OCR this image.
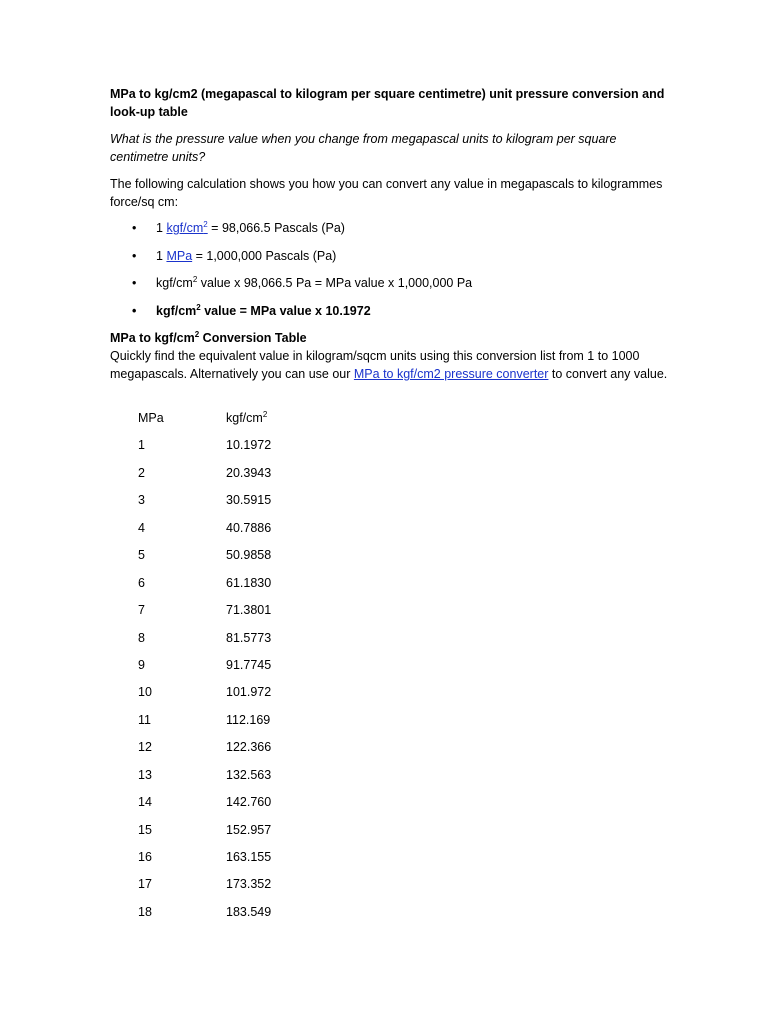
MPa to kg/cm2 (megapascal to kilogram per square centimetre) unit pressure conversion and look-up table
What is the pressure value when you change from megapascal units to kilogram per square centimetre units?
The following calculation shows you how you can convert any value in megapascals to kilogrammes force/sq cm:
• 1 kgf/cm$^2$ = 98,066.5 Pascals (Pa)
• 1 MPa = 1,000,000 Pascals (Pa)
• kgf/$cm^2$ value x 98,066.5 Pa = MPa value x 1,000,000 Pa
• kgf/$cm^2$ value = MPa value x 10.1972
MPa to kgf/$cm^2$ Conversion Table
Quickly find the equivalent value in kilogram/sqcm units using this conversion list from 1 to 1000 megapascals. Alternatively you can use our MPa to kgf/cm2 pressure converter to convert any value.
MPa	kgf/$cm^2$
1	10.1972
2	20.3943
3	30.5915
4	40.7886
5	50.9858
6	61.1830
7	71.3801
8	81.5773
9	91.7745
10	101.972
11	112.169
12	122.366
13	132.563
14	142.760
15	152.957
16	163.155
17	173.352
18	183.549
